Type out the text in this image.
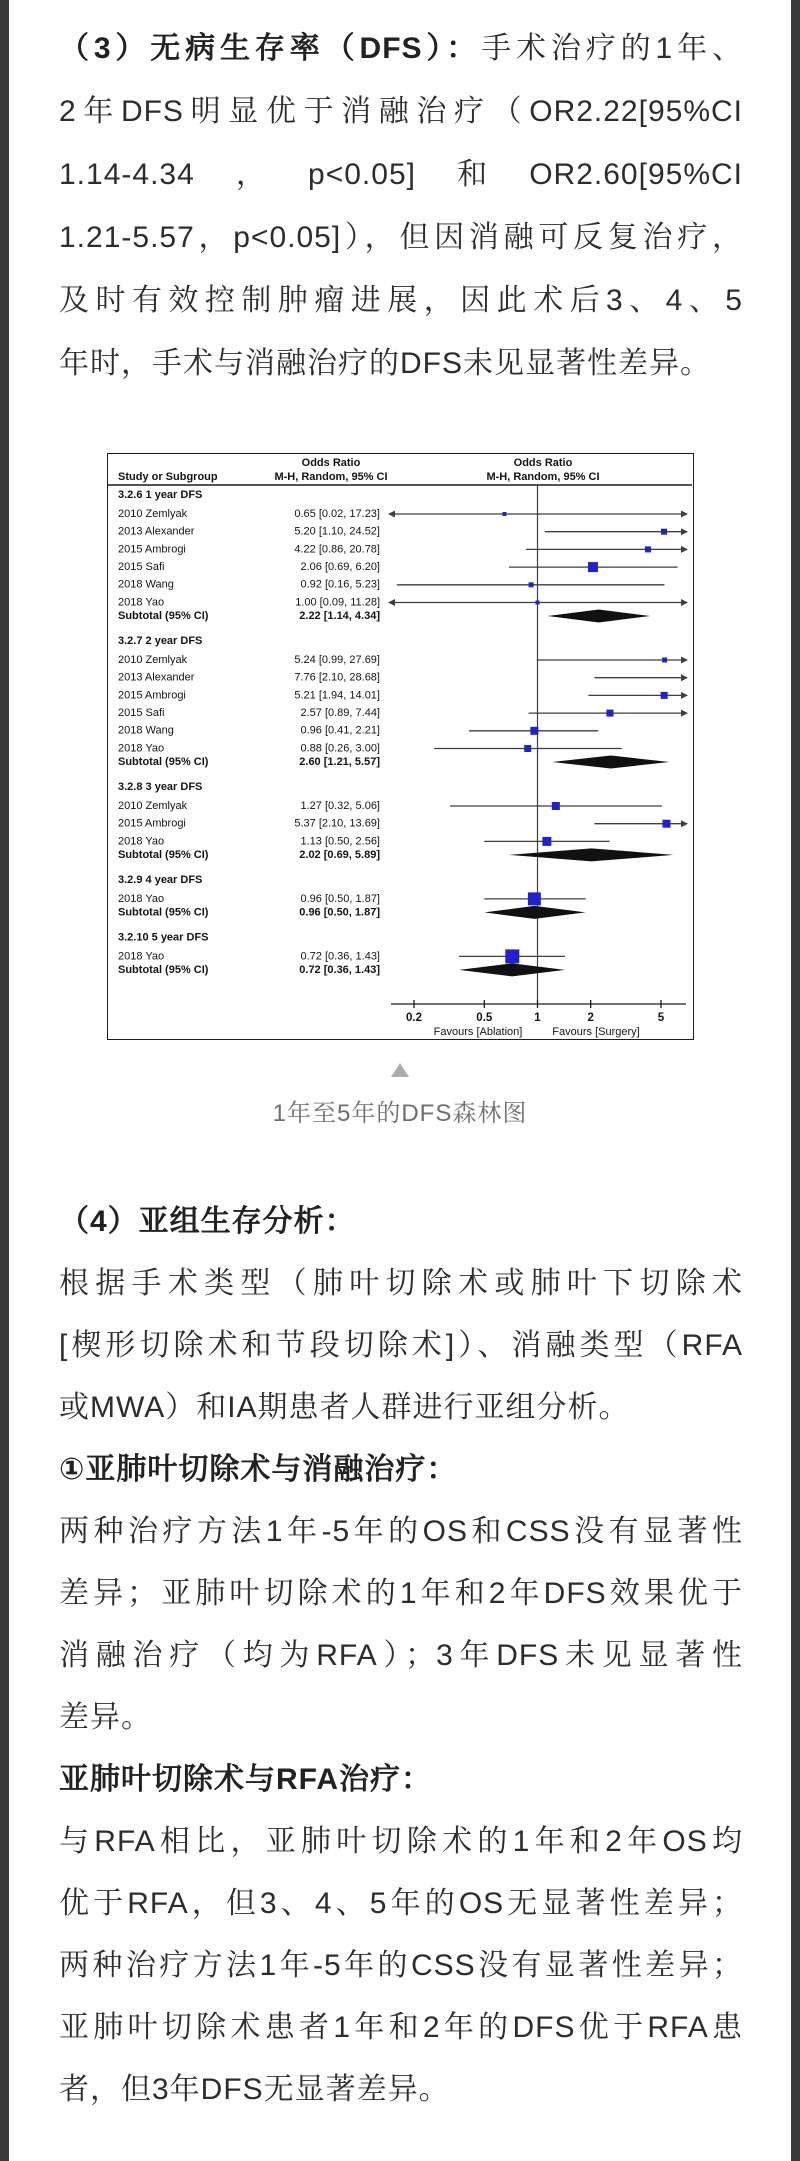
（3）无病生存率（DFS）：手术治疗的1年、
2年DFS明显优于消融治疗（OR2.22[95%CI
1.14-4.34，p<0.05]和OR2.60[95%CI
1.21-5.57，p<0.05]），但因消融可反复治疗，
及时有效控制肿瘤进展，因此术后3、4、5
年时，手术与消融治疗的DFS未见显著性差异。
Odds Ratio
Study or Subgroup	M-H, Random, 95% CI
Odds Ratio
M-H, Random, 95% CI
3.2.6 1 year DFS
2010 Zemlyak	0.65 [0.02, 17.23]
2013 Alexander	5.20 [1.10, 24.52]
2015 Ambrogi	4.22 [0.86, 20.78]
2015 Safi	2.06 [0.69, 6.20]
2018 Wang	0.92 [0.16, 5.23]
2018 Yao	1.00 [0.09, 11.28]
Subtotal (95% CI)	2.22 [1.14, 4.34]
3.2.7 2 year DFS
2010 Zemlyak	5.24 [0.99, 27.69]
2013 Alexander	7.76 [2.10, 28.68]
2015 Ambrogi	5.21 [1.94, 14.01]
2015 Safi	2.57 [0.89, 7.44]
2018 Wang	0.96 [0.41, 2.21]
2018 Yao	0.88 [0.26, 3.00]
Subtotal (95% CI)	2.60 [1.21, 5.57]
3.2.8 3 year DFS
2010 Zemlyak	1.27 [0.32, 5.06]
2015 Ambrogi	5.37 [2.10, 13.69]
2018 Yao	1.13 [0.50, 2.56]
Subtotal (95% CI)	2.02 [0.69, 5.89]
3.2.9 4 year DFS
2018 Yao	0.96 [0.50, 1.87]
Subtotal (95% CI)	0.96 [0.50, 1.87]
3.2.10 5 year DFS
2018 Yao	0.72 [0.36, 1.43]
Subtotal (95% CI)	0.72 [0.36, 1.43]
0.2	0.5	1	2	5
Favours [Ablation]	Favours [Surgery]
1年至5年的DFS森林图
（4）亚组生存分析：
根据手术类型（肺叶切除术或肺叶下切除术
[楔形切除术和节段切除术]）、消融类型（RFA
或MWA）和IA期患者人群进行亚组分析。
①亚肺叶切除术与消融治疗：
两种治疗方法1年-5年的OS和CSS没有显著性
差异；亚肺叶切除术的1年和2年DFS效果优于
消融治疗（均为RFA）；3年DFS未见显著性
差异。
亚肺叶切除术与RFA治疗：
与RFA相比，亚肺叶切除术的1年和2年OS均
优于RFA，但3、4、5年的OS无显著性差异；
两种治疗方法1年-5年的CSS没有显著性差异；
亚肺叶切除术患者1年和2年的DFS优于RFA患
者，但3年DFS无显著差异。
